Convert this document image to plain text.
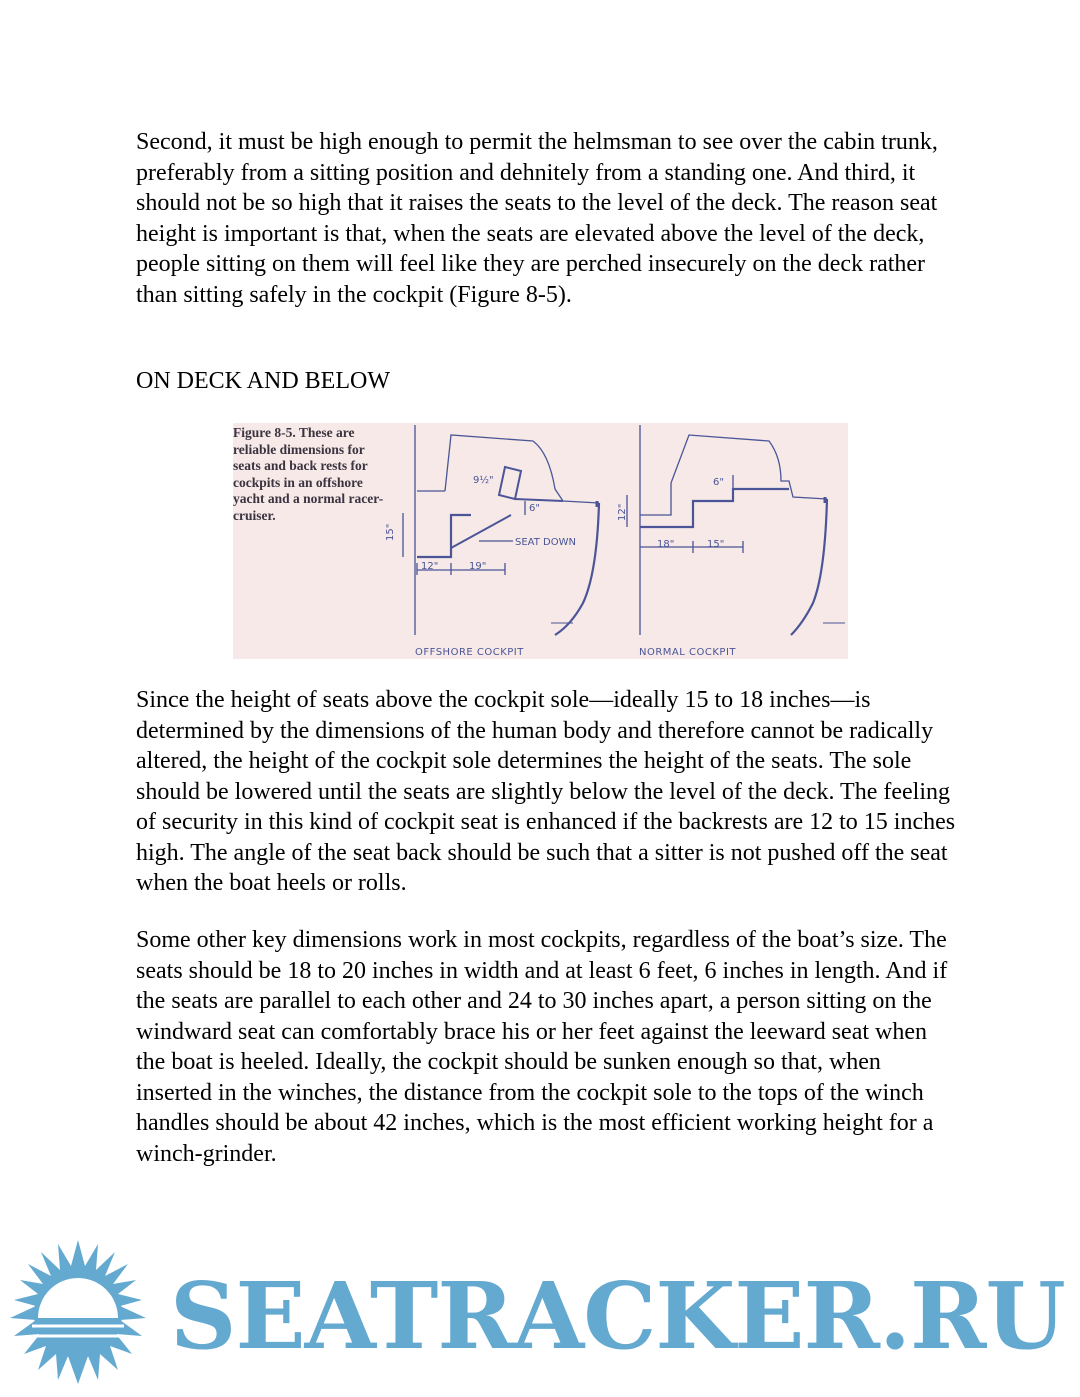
Second, it must be high enough to permit the helmsman to see over the cabin trunk, preferably from a sitting position and dehnitely from a standing one. And third, it should not be so high that it raises the seats to the level of the deck. The reason seat height is important is that, when the seats are elevated above the level of the deck, people sitting on them will feel like they are perched insecurely on the deck rather than sitting safely in the cockpit (Figure 8-5).

ON DECK AND BELOW

Figure 8-5. These are reliable dimensions for seats and back rests for cockpits in an offshore yacht and a normal racer-cruiser.
9½"
6"
15"
12"	19"
SEAT DOWN
6"
12"
18"	15"
OFFSHORE COCKPIT	NORMAL COCKPIT

Since the height of seats above the cockpit sole—ideally 15 to 18 inches—is determined by the dimensions of the human body and therefore cannot be radically altered, the height of the cockpit sole determines the height of the seats. The sole should be lowered until the seats are slightly below the level of the deck. The feeling of security in this kind of cockpit seat is enhanced if the backrests are 12 to 15 inches high. The angle of the seat back should be such that a sitter is not pushed off the seat when the boat heels or rolls.

Some other key dimensions work in most cockpits, regardless of the boat’s size. The seats should be 18 to 20 inches in width and at least 6 feet, 6 inches in length. And if the seats are parallel to each other and 24 to 30 inches apart, a person sitting on the windward seat can comfortably brace his or her feet against the leeward seat when the boat is heeled. Ideally, the cockpit should be sunken enough so that, when inserted in the winches, the distance from the cockpit sole to the tops of the winch handles should be about 42 inches, which is the most efficient working height for a winch-grinder.

SEATRACKER.RU
